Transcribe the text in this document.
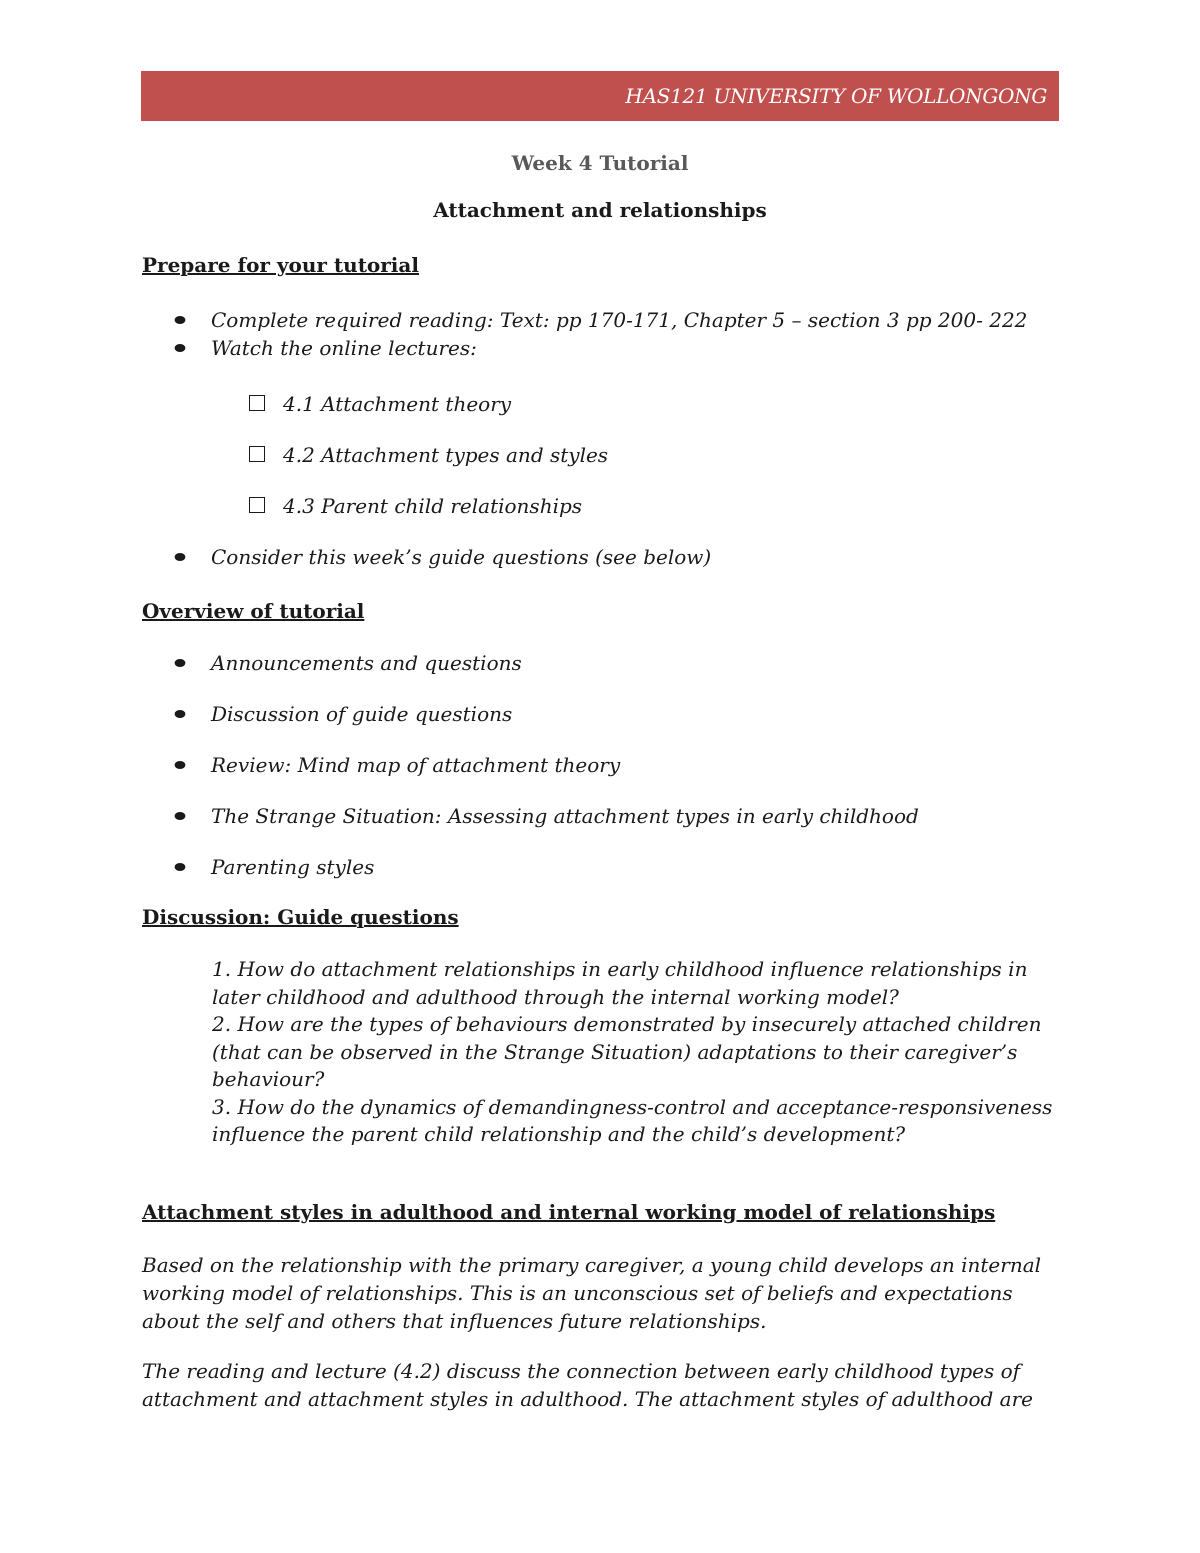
HAS121 UNIVERSITY OF WOLLONGONG
Week 4 Tutorial
Attachment and relationships
Prepare for your tutorial
Complete required reading: Text: pp 170-171, Chapter 5 – section 3 pp 200- 222
Watch the online lectures:
4.1 Attachment theory
4.2 Attachment types and styles
4.3 Parent child relationships
Consider this week’s guide questions (see below)
Overview of tutorial
Announcements and questions
Discussion of guide questions
Review: Mind map of attachment theory
The Strange Situation: Assessing attachment types in early childhood
Parenting styles
Discussion: Guide questions
1. How do attachment relationships in early childhood influence relationships in later childhood and adulthood through the internal working model?
2. How are the types of behaviours demonstrated by insecurely attached children (that can be observed in the Strange Situation) adaptations to their caregiver’s behaviour?
3. How do the dynamics of demandingness-control and acceptance-responsiveness influence the parent child relationship and the child’s development?
Attachment styles in adulthood and internal working model of relationships
Based on the relationship with the primary caregiver, a young child develops an internal working model of relationships. This is an unconscious set of beliefs and expectations about the self and others that influences future relationships.
The reading and lecture (4.2) discuss the connection between early childhood types of attachment and attachment styles in adulthood. The attachment styles of adulthood are
